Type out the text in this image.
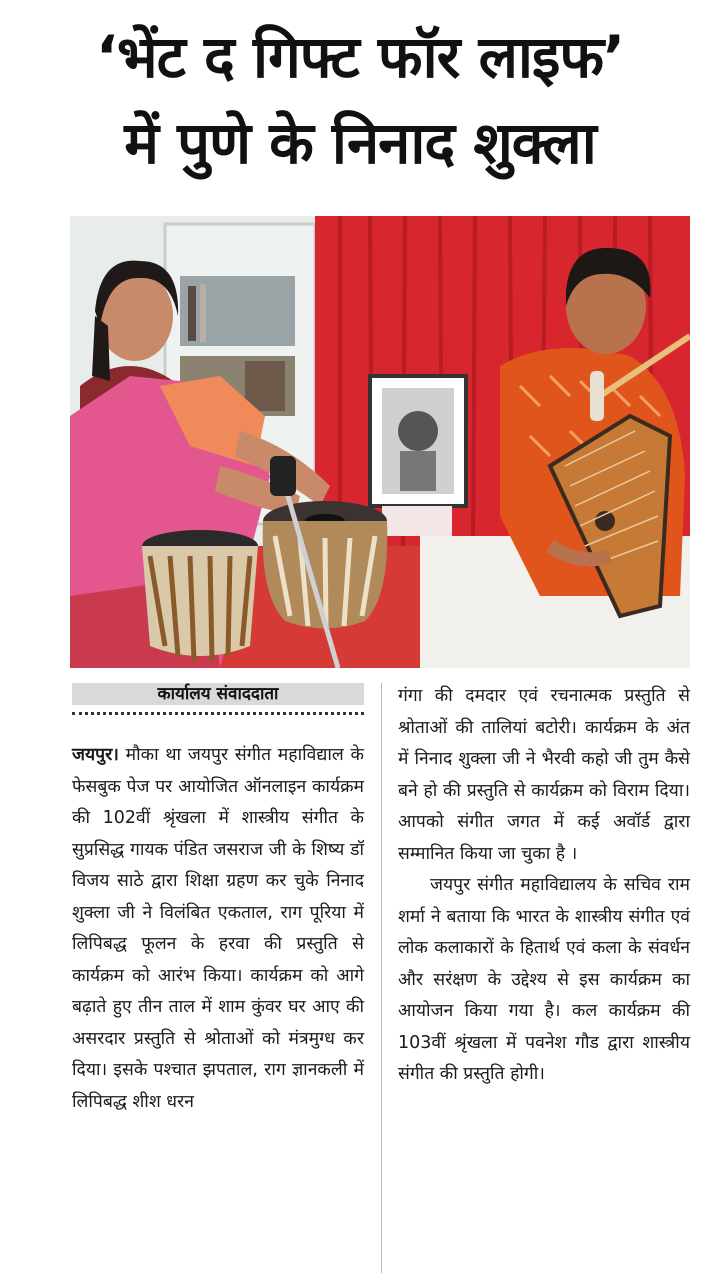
‘भेंट द गिफ्ट फॉर लाइफ’
में पुणे के निनाद शुक्ला
कार्यालय संवाददाता

जयपुर। मौका था जयपुर संगीत महाविद्याल के फेसबुक पेज पर आयोजित ऑनलाइन कार्यक्रम की 102वीं श्रृंखला में शास्त्रीय संगीत के सुप्रसिद्ध गायक पंडित जसराज जी के शिष्य डॉ विजय साठे द्वारा शिक्षा ग्रहण कर चुके निनाद शुक्ला जी ने विलंबित एकताल, राग पूरिया में लिपिबद्ध फूलन के हरवा की प्रस्तुति से कार्यक्रम को आरंभ किया। कार्यक्रम को आगे बढ़ाते हुए तीन ताल में शाम कुंवर घर आए की असरदार प्रस्तुति से श्रोताओं को मंत्रमुग्ध कर दिया। इसके पश्चात झपताल, राग ज्ञानकली में लिपिबद्ध शीश धरन

गंगा की दमदार एवं रचनात्मक प्रस्तुति से श्रोताओं की तालियां बटोरी। कार्यक्रम के अंत में निनाद शुक्ला जी ने भैरवी कहो जी तुम कैसे बने हो की प्रस्तुति से कार्यक्रम को विराम दिया। आपको संगीत जगत में कई अवॉर्ड द्वारा सम्मानित किया जा चुका है ।

जयपुर संगीत महाविद्यालय के सचिव राम शर्मा ने बताया कि भारत के शास्त्रीय संगीत एवं लोक कलाकारों के हितार्थ एवं कला के संवर्धन और सरंक्षण के उद्देश्य से इस कार्यक्रम का आयोजन किया गया है। कल कार्यक्रम की 103वीं श्रृंखला में पवनेश गौड द्वारा शास्त्रीय संगीत की प्रस्तुति होगी।
